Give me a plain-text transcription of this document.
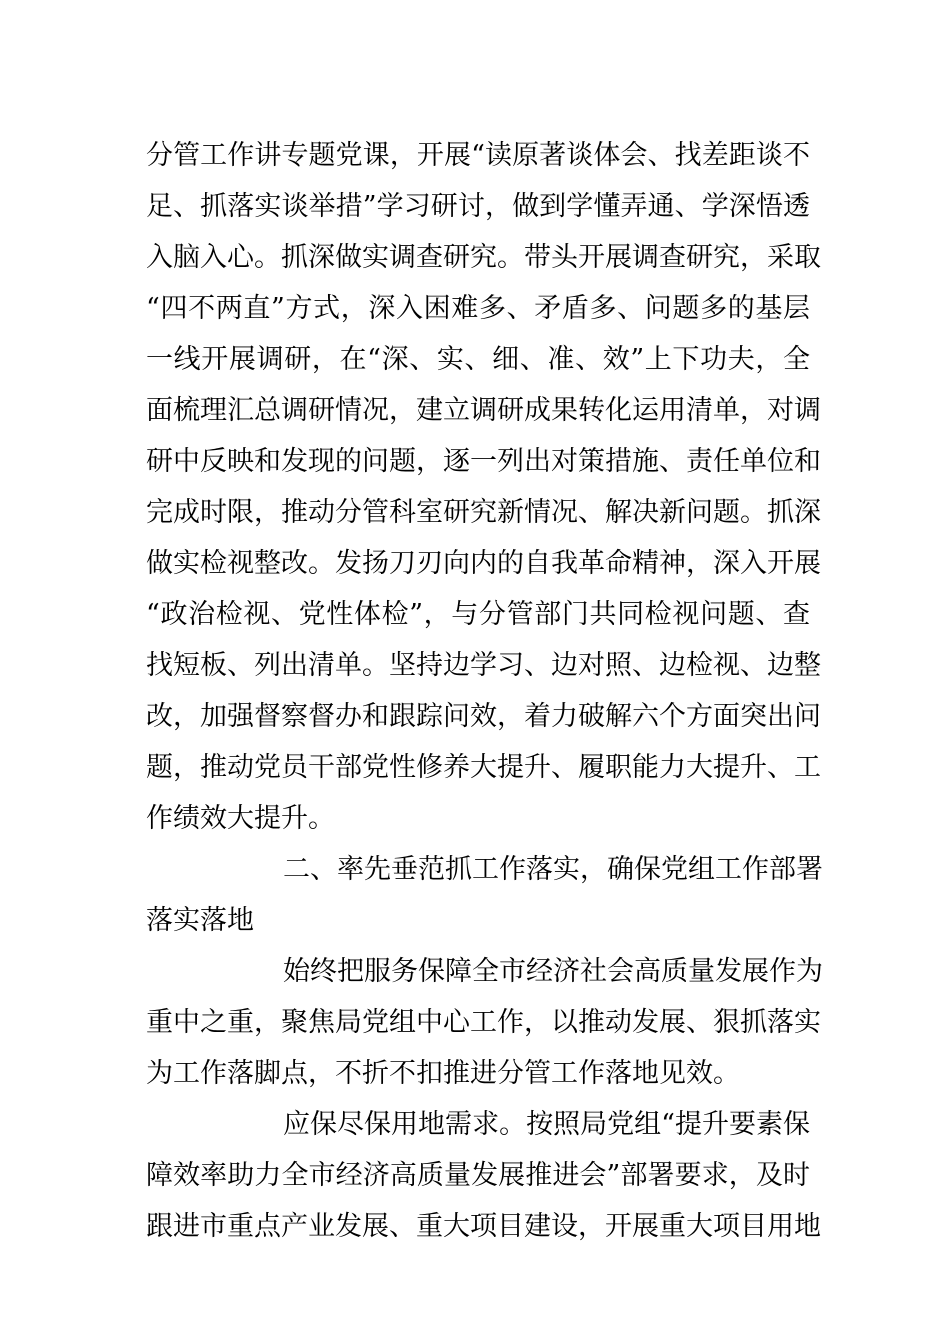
分管工作讲专题党课，开展“读原著谈体会、找差距谈不
足、抓落实谈举措”学习研讨，做到学懂弄通、学深悟透
入脑入心。抓深做实调查研究。带头开展调查研究，采取
“四不两直”方式，深入困难多、矛盾多、问题多的基层
一线开展调研，在“深、实、细、准、效”上下功夫，全
面梳理汇总调研情况，建立调研成果转化运用清单，对调
研中反映和发现的问题，逐一列出对策措施、责任单位和
完成时限，推动分管科室研究新情况、解决新问题。抓深
做实检视整改。发扬刀刃向内的自我革命精神，深入开展
“政治检视、党性体检”，与分管部门共同检视问题、查
找短板、列出清单。坚持边学习、边对照、边检视、边整
改，加强督察督办和跟踪问效，着力破解六个方面突出问
题，推动党员干部党性修养大提升、履职能力大提升、工
作绩效大提升。
二、率先垂范抓工作落实，确保党组工作部署
落实落地
始终把服务保障全市经济社会高质量发展作为
重中之重，聚焦局党组中心工作，以推动发展、狠抓落实
为工作落脚点，不折不扣推进分管工作落地见效。
应保尽保用地需求。按照局党组“提升要素保
障效率助力全市经济高质量发展推进会”部署要求，及时
跟进市重点产业发展、重大项目建设，开展重大项目用地
